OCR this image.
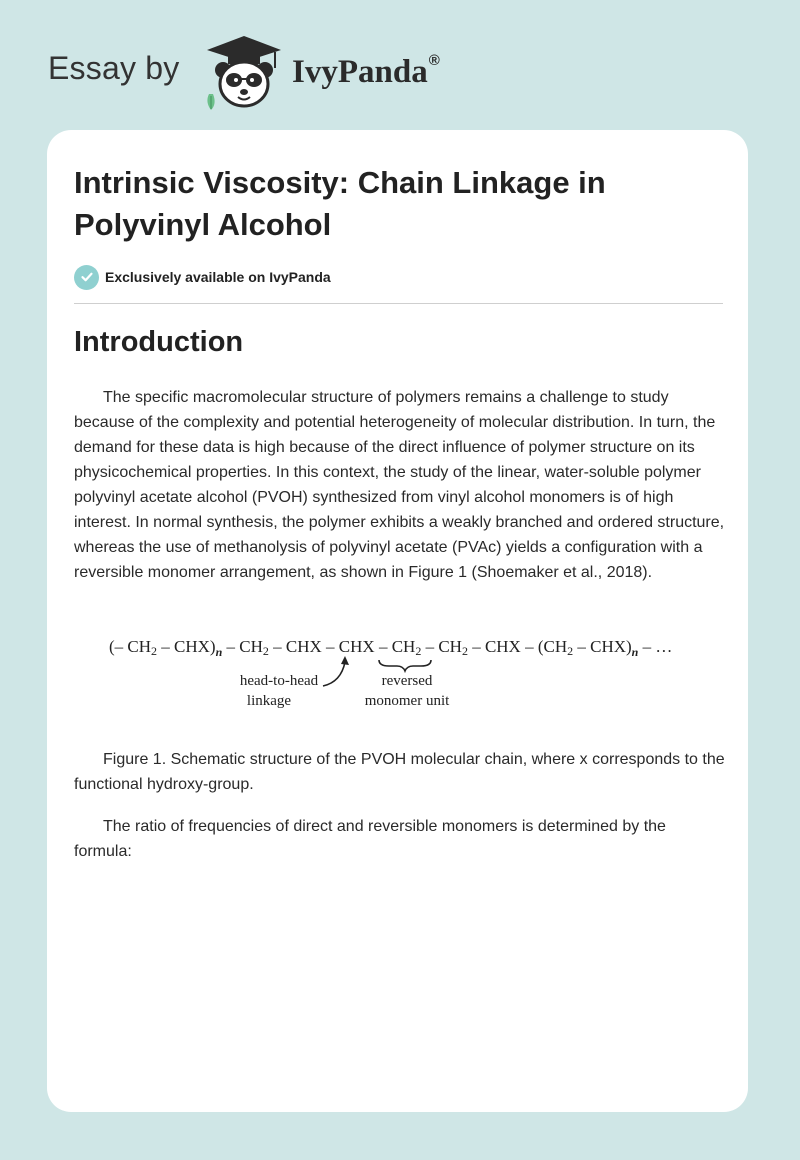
Essay by	IvyPanda®
Intrinsic Viscosity: Chain Linkage in Polyvinyl Alcohol
Exclusively available on IvyPanda
Introduction

The specific macromolecular structure of polymers remains a challenge to study because of the complexity and potential heterogeneity of molecular distribution. In turn, the demand for these data is high because of the direct influence of polymer structure on its physicochemical properties. In this context, the study of the linear, water-soluble polymer polyvinyl acetate alcohol (PVOH) synthesized from vinyl alcohol monomers is of high interest. In normal synthesis, the polymer exhibits a weakly branched and ordered structure, whereas the use of methanolysis of polyvinyl acetate (PVAc) yields a configuration with a reversible monomer arrangement, as shown in Figure 1 (Shoemaker et al., 2018).

(– $CH2 - CHX)_n - CH2$ – CHX – CHX – CH2 – CH2 – CHX – $(CH2 - CHX)_n$ – …
head-to-head
linkage
reversed
monomer unit

Figure 1. Schematic structure of the PVOH molecular chain, where x corresponds to the functional hydroxy-group.

The ratio of frequencies of direct and reversible monomers is determined by the formula:
